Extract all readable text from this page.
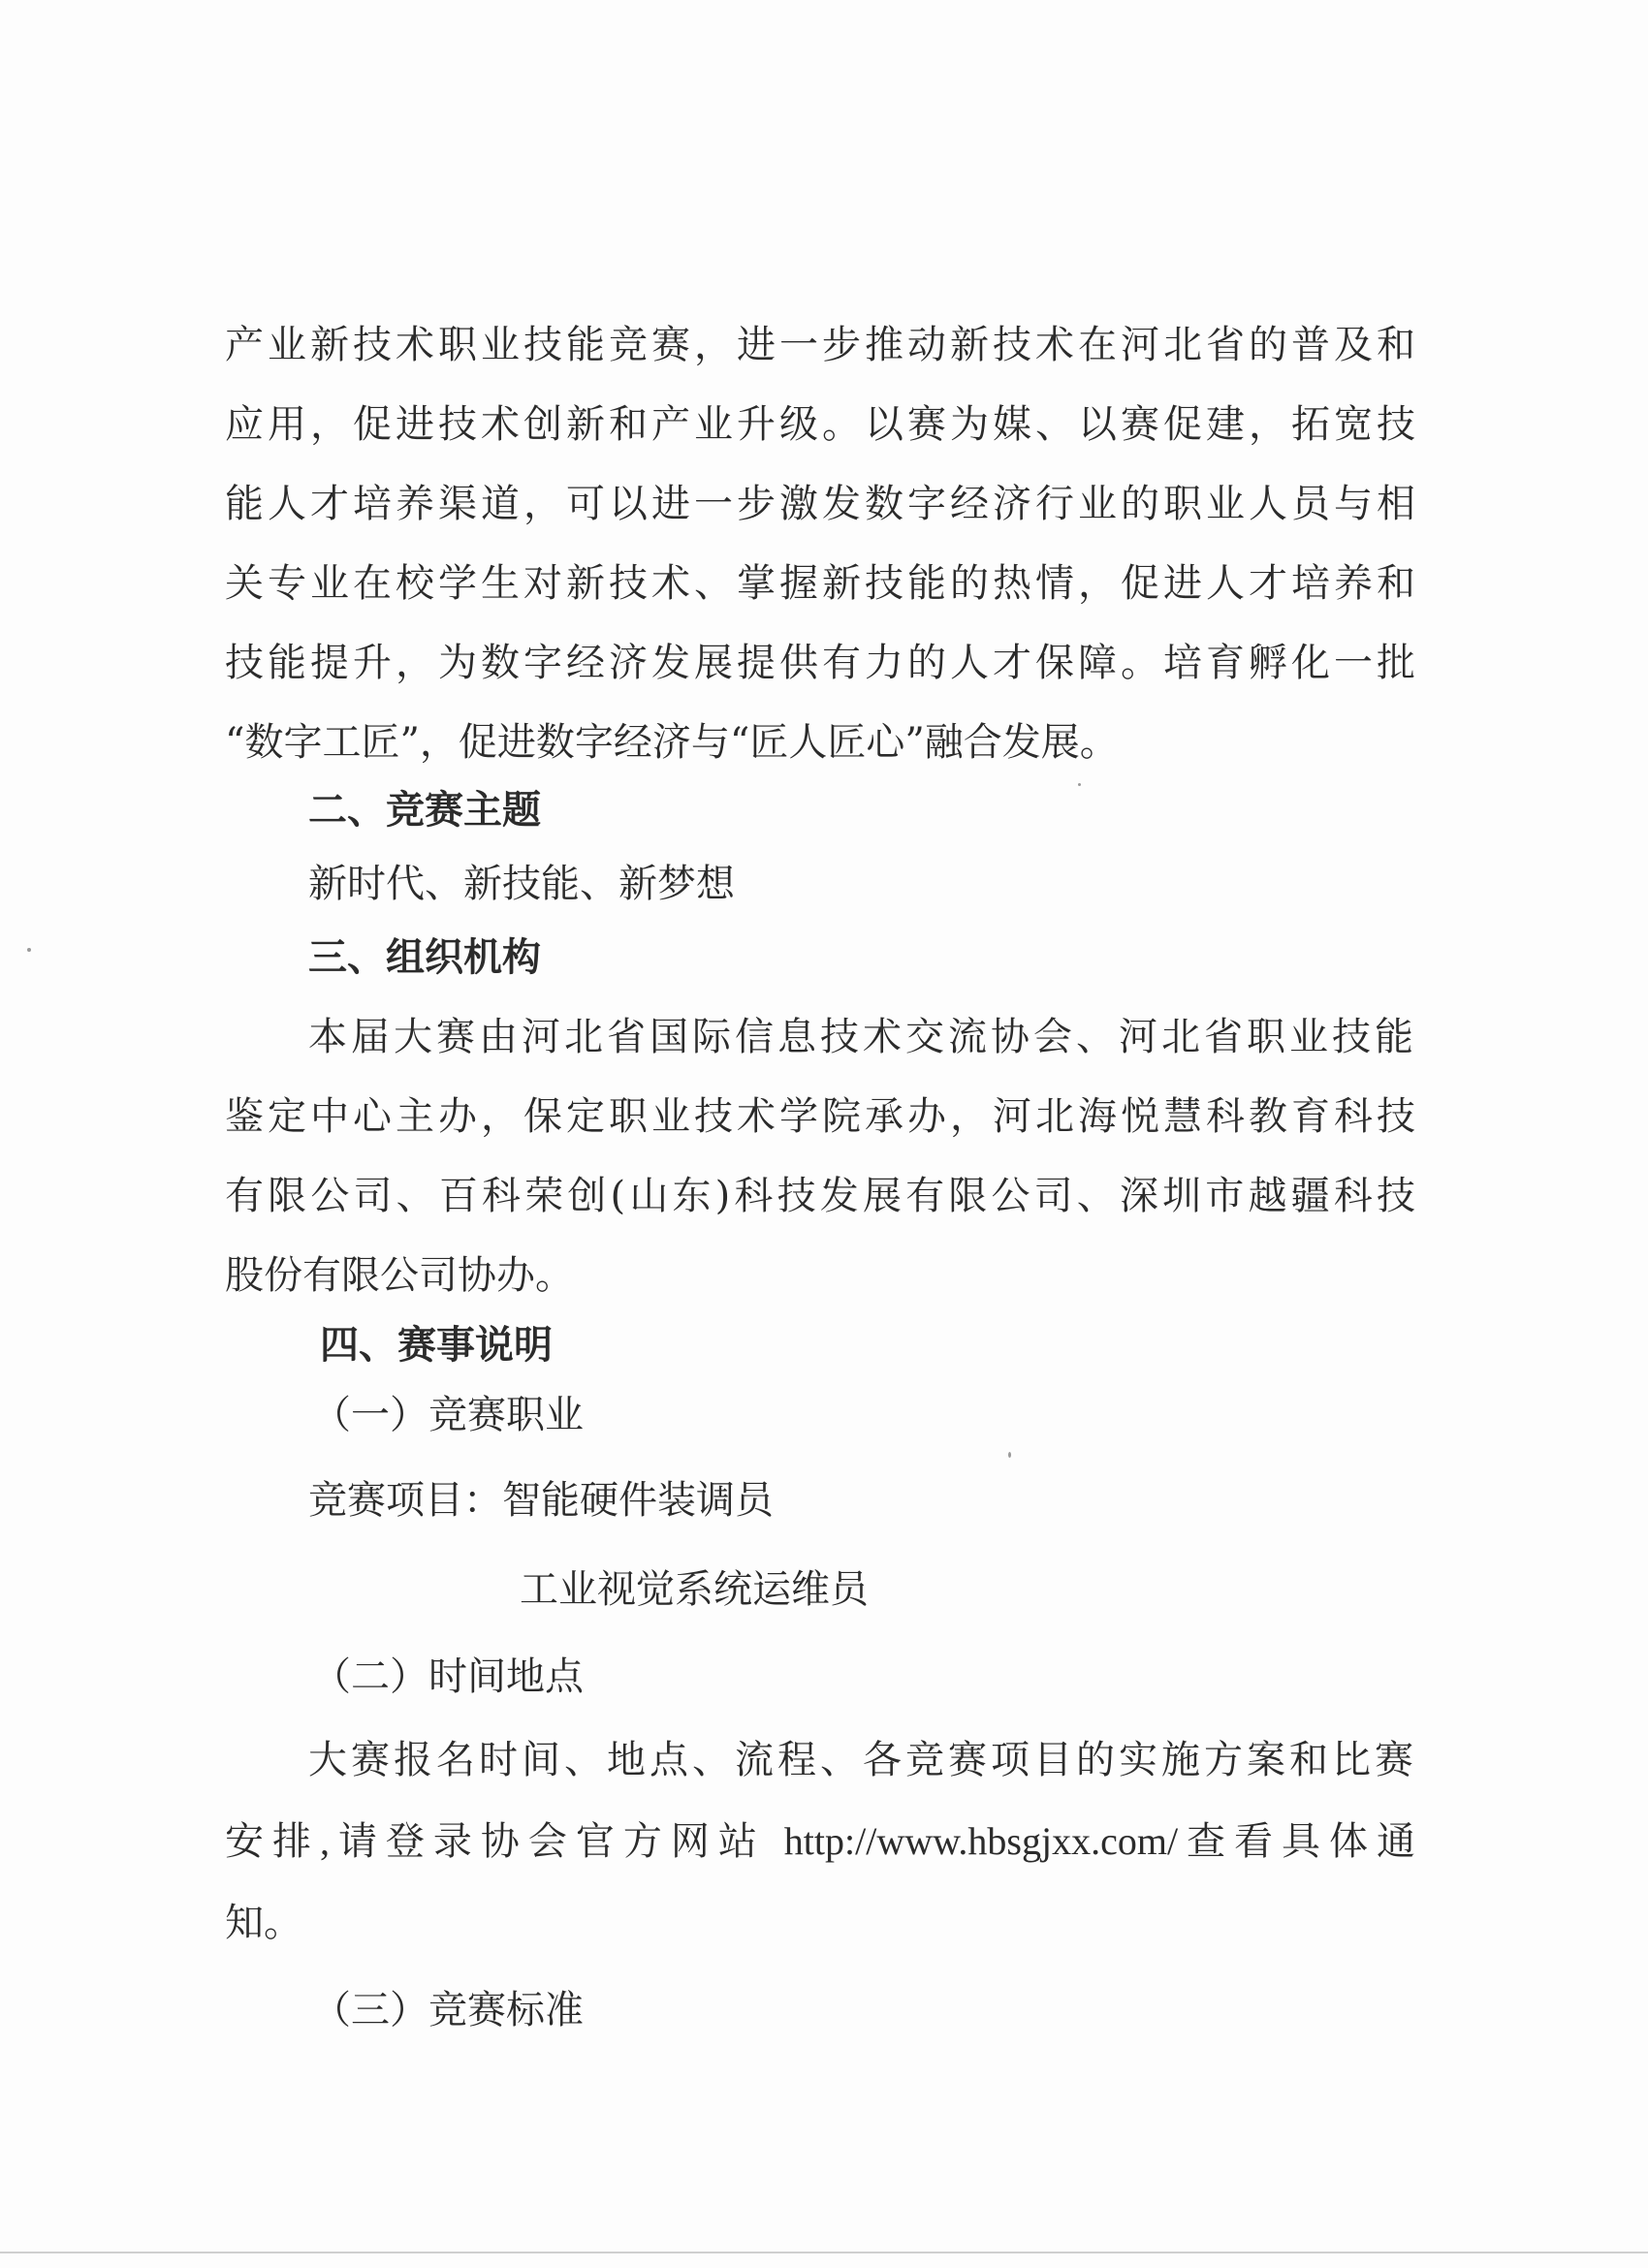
产业新技术职业技能竞赛，进一步推动新技术在河北省的普及和
应用，促进技术创新和产业升级。以赛为媒、以赛促建，拓宽技
能人才培养渠道，可以进一步激发数字经济行业的职业人员与相
关专业在校学生对新技术、掌握新技能的热情，促进人才培养和
技能提升，为数字经济发展提供有力的人才保障。培育孵化一批
“数字工匠”，促进数字经济与“匠人匠心”融合发展。
二、竞赛主题
新时代、新技能、新梦想
三、组织机构
本届大赛由河北省国际信息技术交流协会、河北省职业技能
鉴定中心主办，保定职业技术学院承办，河北海悦慧科教育科技
有限公司、百科荣创(山东)科技发展有限公司、深圳市越疆科技
股份有限公司协办。
四、赛事说明
（一）竞赛职业
竞赛项目：智能硬件装调员
工业视觉系统运维员
（二）时间地点
大赛报名时间、地点、流程、各竞赛项目的实施方案和比赛
安排,请登录协会官方网站 http://www.hbsgjxx.com/查看具体通
知。
（三）竞赛标准
